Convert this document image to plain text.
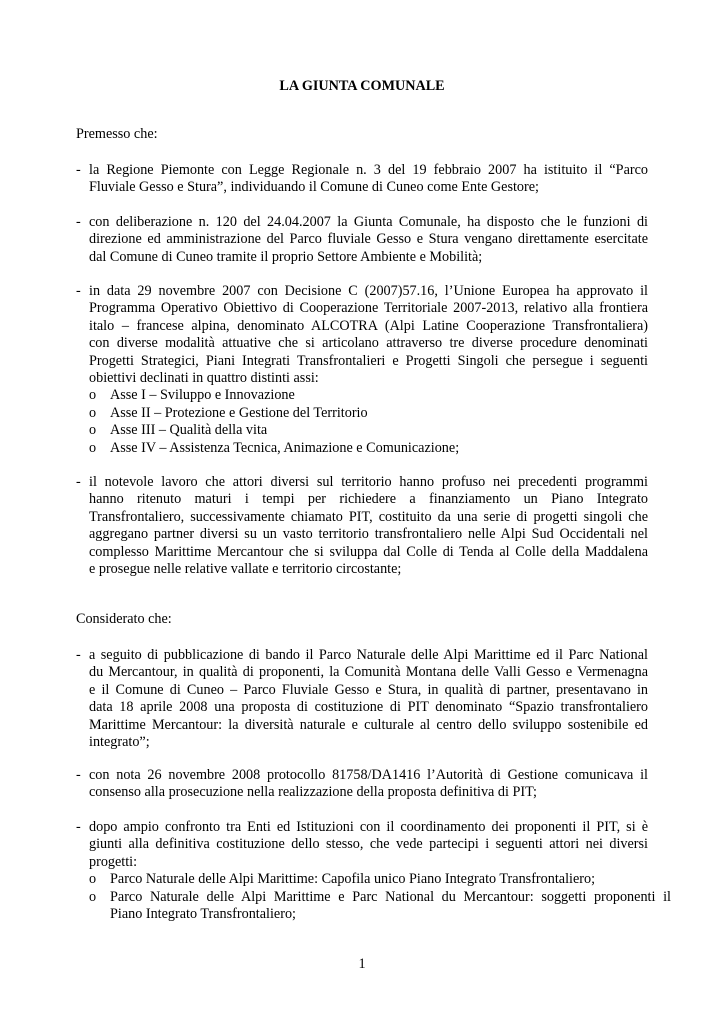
LA GIUNTA COMUNALE
Premesso che:
- la Regione Piemonte con Legge Regionale n. 3 del 19 febbraio 2007 ha istituito il “Parco
Fluviale Gesso e Stura”, individuando il Comune di Cuneo come Ente Gestore;
- con deliberazione n. 120 del 24.04.2007 la Giunta Comunale, ha disposto che le funzioni di
direzione ed amministrazione del Parco fluviale Gesso e Stura vengano direttamente esercitate
dal Comune di Cuneo tramite il proprio Settore Ambiente e Mobilità;
- in data 29 novembre 2007 con Decisione C (2007)57.16, l’Unione Europea ha approvato il
Programma Operativo Obiettivo di Cooperazione Territoriale 2007-2013, relativo alla frontiera
italo – francese alpina, denominato ALCOTRA (Alpi Latine Cooperazione Transfrontaliera)
con diverse modalità attuative che si articolano attraverso tre diverse procedure denominati
Progetti Strategici, Piani Integrati Transfrontalieri e Progetti Singoli che persegue i seguenti
obiettivi declinati in quattro distinti assi:
o Asse I – Sviluppo e Innovazione
o Asse II – Protezione e Gestione del Territorio
o Asse III – Qualità della vita
o Asse IV – Assistenza Tecnica, Animazione e Comunicazione;
- il notevole lavoro che attori diversi sul territorio hanno profuso nei precedenti programmi
hanno ritenuto maturi i tempi per richiedere a finanziamento un Piano Integrato
Transfrontaliero, successivamente chiamato PIT, costituito da una serie di progetti singoli che
aggregano partner diversi su un vasto territorio transfrontaliero nelle Alpi Sud Occidentali nel
complesso Marittime Mercantour che si sviluppa dal Colle di Tenda al Colle della Maddalena
e prosegue nelle relative vallate e territorio circostante;
Considerato che:
- a seguito di pubblicazione di bando il Parco Naturale delle Alpi Marittime ed il Parc National
du Mercantour, in qualità di proponenti, la Comunità Montana delle Valli Gesso e Vermenagna
e il Comune di Cuneo – Parco Fluviale Gesso e Stura, in qualità di partner, presentavano in
data 18 aprile 2008 una proposta di costituzione di PIT denominato “Spazio transfrontaliero
Marittime Mercantour: la diversità naturale e culturale al centro dello sviluppo sostenibile ed
integrato”;
- con nota 26 novembre 2008 protocollo 81758/DA1416 l’Autorità di Gestione comunicava il
consenso alla prosecuzione nella realizzazione della proposta definitiva di PIT;
- dopo ampio confronto tra Enti ed Istituzioni con il coordinamento dei proponenti il PIT, si è
giunti alla definitiva costituzione dello stesso, che vede partecipi i seguenti attori nei diversi
progetti:
o Parco Naturale delle Alpi Marittime: Capofila unico Piano Integrato Transfrontaliero;
o Parco Naturale delle Alpi Marittime e Parc National du Mercantour: soggetti proponenti il
Piano Integrato Transfrontaliero;
1
